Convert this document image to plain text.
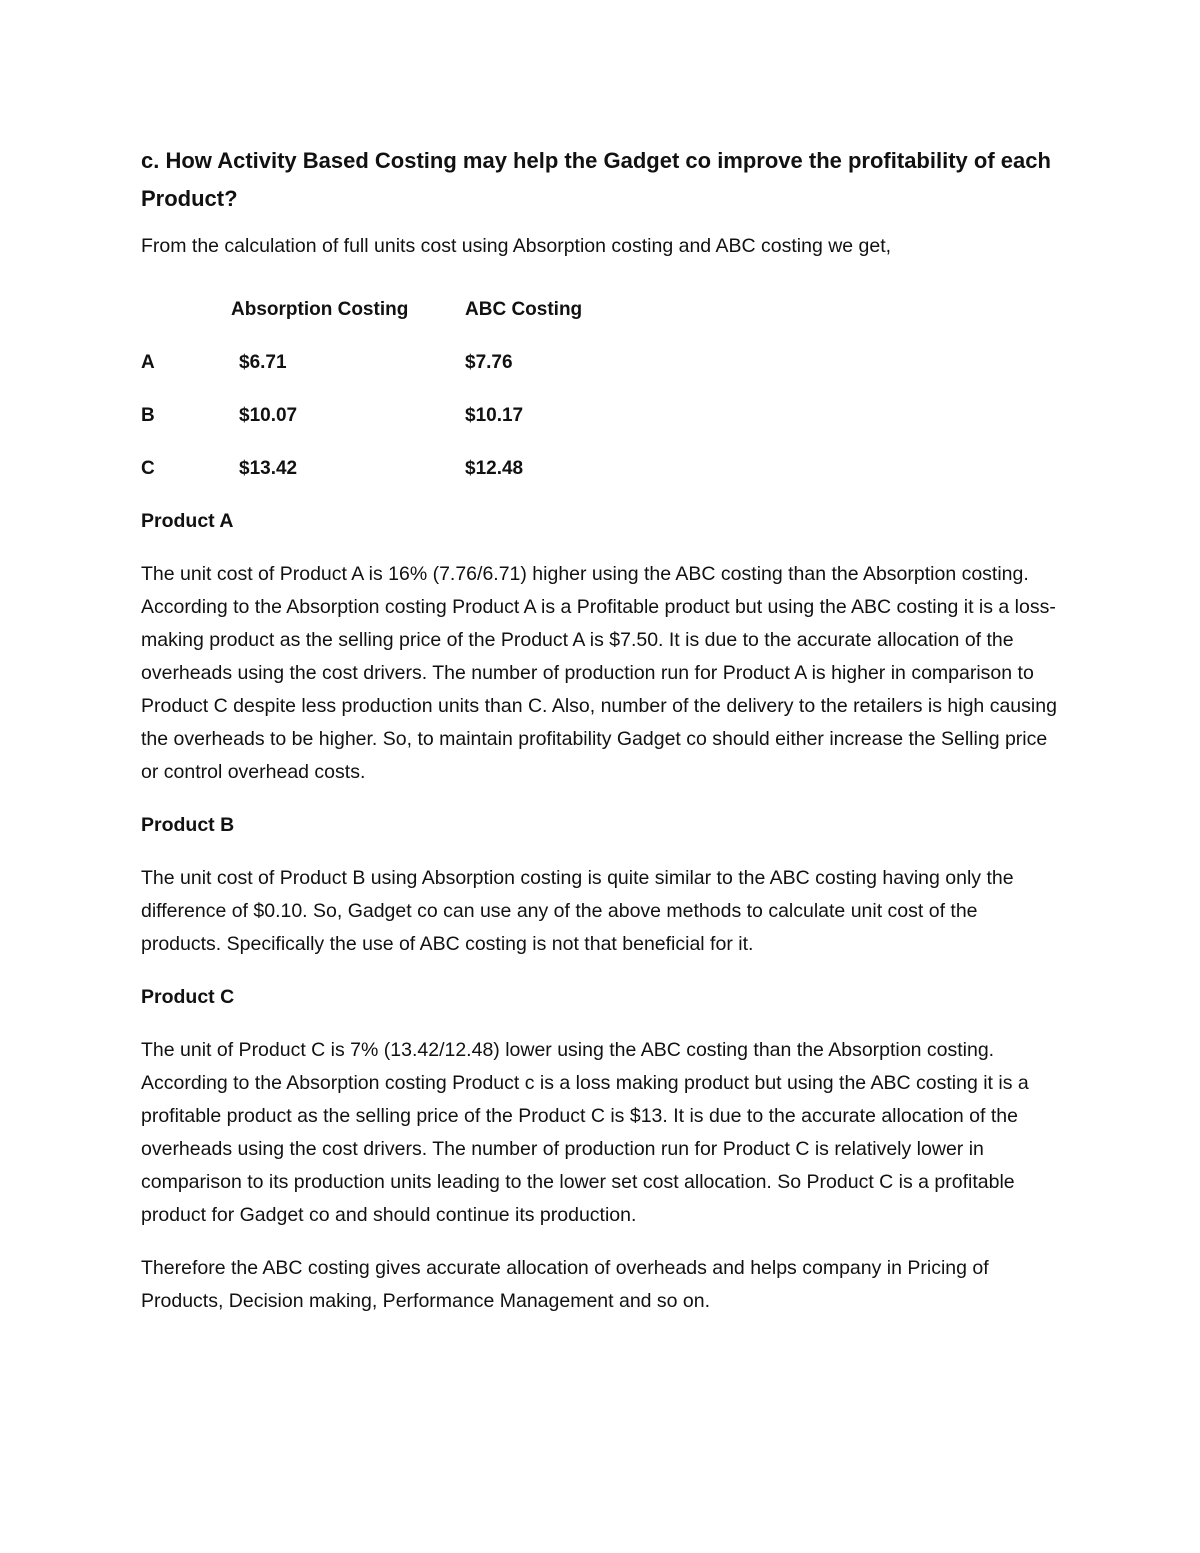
c. How Activity Based Costing may help the Gadget co improve the profitability of each Product?

From the calculation of full units cost using Absorption costing and ABC costing we get,

	Absorption Costing	ABC Costing
A	$6.71	$7.76
B	$10.07	$10.17
C	$13.42	$12.48
Product A

The unit cost of Product A is 16% (7.76/6.71) higher using the ABC costing than the Absorption costing. According to the Absorption costing Product A is a Profitable product but using the ABC costing it is a loss-making product as the selling price of the Product A is $7.50. It is due to the accurate allocation of the overheads using the cost drivers. The number of production run for Product A is higher in comparison to Product C despite less production units than C. Also, number of the delivery to the retailers is high causing the overheads to be higher. So, to maintain profitability Gadget co should either increase the Selling price or control overhead costs.

Product B

The unit cost of Product B using Absorption costing is quite similar to the ABC costing having only the difference of $0.10. So, Gadget co can use any of the above methods to calculate unit cost of the products. Specifically the use of ABC costing is not that beneficial for it.

Product C

The unit of Product C is 7% (13.42/12.48) lower using the ABC costing than the Absorption costing. According to the Absorption costing Product c is a loss making product but using the ABC costing it is a profitable product as the selling price of the Product C is $13. It is due to the accurate allocation of the overheads using the cost drivers. The number of production run for Product C is relatively lower in comparison to its production units leading to the lower set cost allocation. So Product C is a profitable product for Gadget co and should continue its production.

Therefore the ABC costing gives accurate allocation of overheads and helps company in Pricing of Products, Decision making, Performance Management and so on.
